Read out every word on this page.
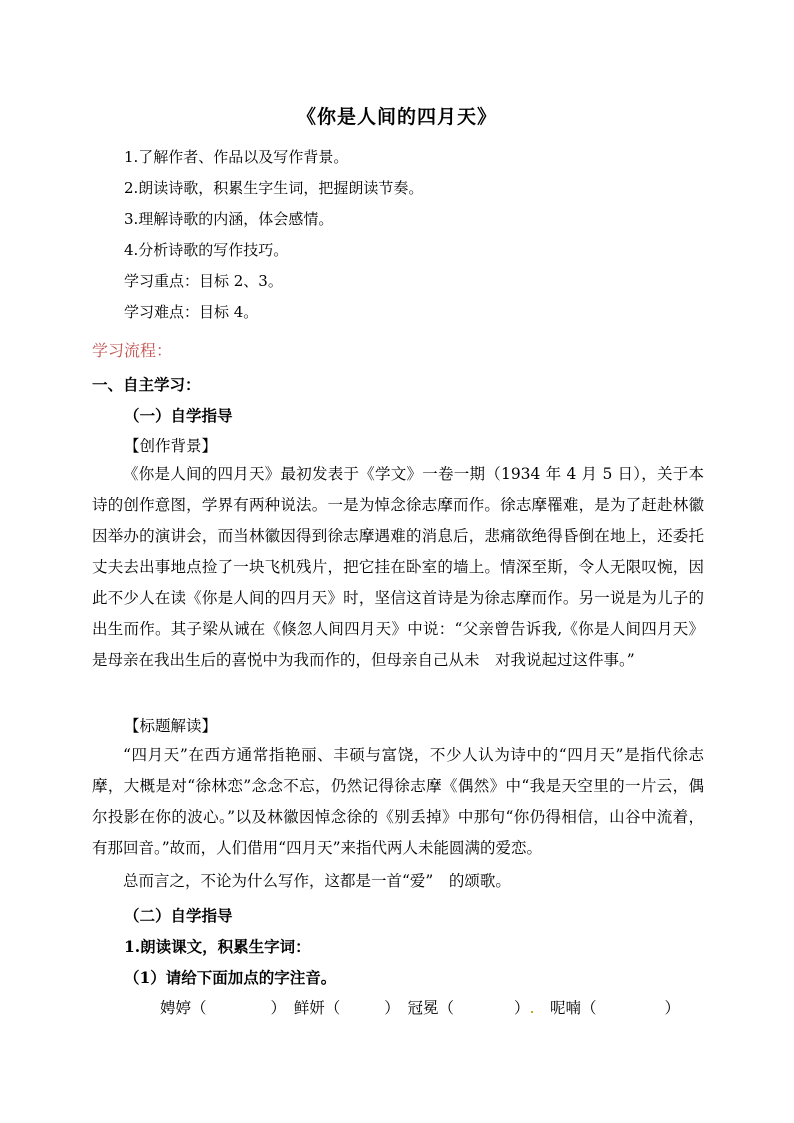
《你是人间的四月天》
1.了解作者、作品以及写作背景。
2.朗读诗歌，积累生字生词，把握朗读节奏。
3.理解诗歌的内涵，体会感情。
4.分析诗歌的写作技巧。
学习重点：目标 2、3。
学习难点：目标 4。
学习流程：
一、自主学习：
（一）自学指导
【创作背景】
《你是人间的四月天》最初发表于《学文》一卷一期（1934 年 4 月 5 日），关于本诗的创作意图，学界有两种说法。一是为悼念徐志摩而作。徐志摩罹难，是为了赶赴林徽因举办的演讲会，而当林徽因得到徐志摩遇难的消息后，悲痛欲绝得昏倒在地上，还委托丈夫去出事地点捡了一块飞机残片，把它挂在卧室的墙上。情深至斯，令人无限叹惋，因此不少人在读《你是人间的四月天》时，坚信这首诗是为徐志摩而作。另一说是为儿子的出生而作。其子梁从诫在《倏忽人间四月天》中说：“父亲曾告诉我,《你是人间四月天》是母亲在我出生后的喜悦中为我而作的，但母亲自己从未　对我说起过这件事。”
【标题解读】
“四月天”在西方通常指艳丽、丰硕与富饶，不少人认为诗中的“四月天”是指代徐志摩，大概是对“徐林恋”念念不忘，仍然记得徐志摩《偶然》中“我是天空里的一片云，偶尔投影在你的波心。”以及林徽因悼念徐的《别丢掉》中那句“你仍得相信，山谷中流着，有那回音。”故而，人们借用“四月天”来指代两人未能圆满的爱恋。
总而言之，不论为什么写作，这都是一首“爱”　的颂歌。
（二）自学指导
1.朗读课文，积累生字词：
（1）请给下面加点的字注音。
娉婷（	）　鲜妍（	）　冠冕（	）.　呢喃（	）
